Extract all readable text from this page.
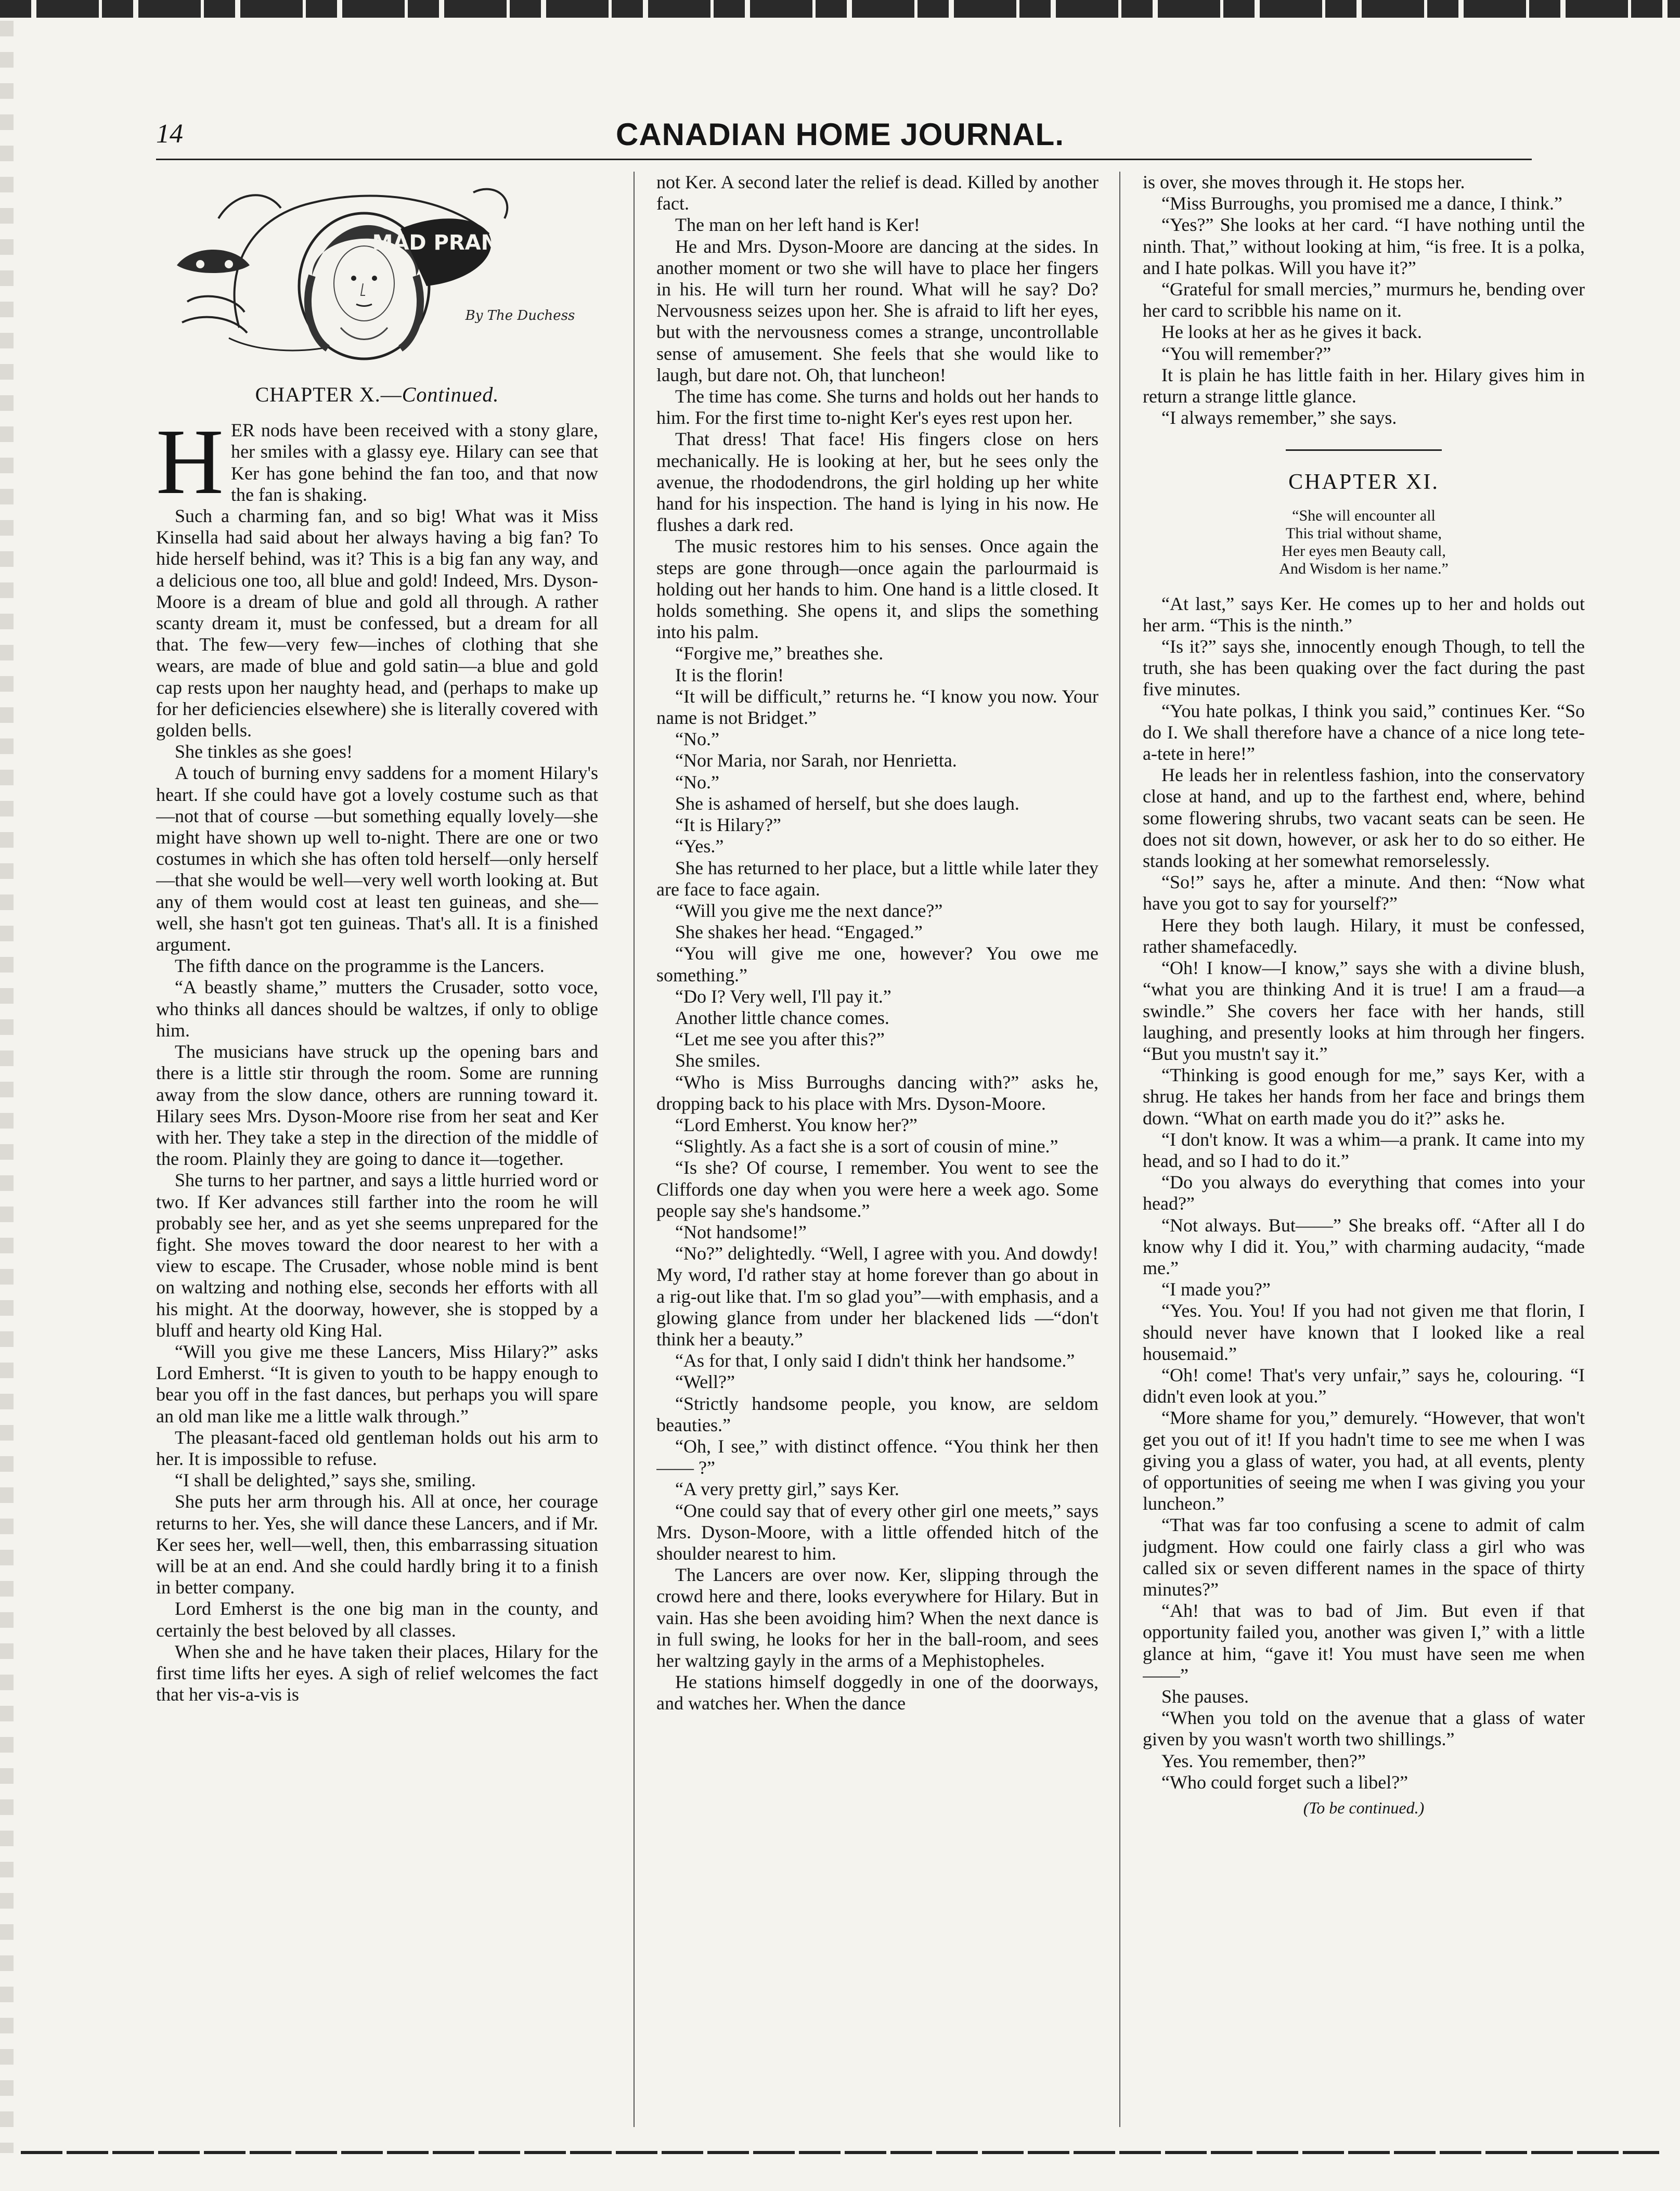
14	CANADIAN HOME JOURNAL.
MAD PRANK.
By The Duchess
CHAPTER X.—Continued.

HER nods have been received with a stony glare, her smiles with a glassy eye. Hilary can see that Ker has gone behind the fan too, and that now the fan is shaking.

Such a charming fan, and so big! What was it Miss Kinsella had said about her always having a big fan? To hide herself behind, was it? This is a big fan any way, and a delicious one too, all blue and gold! Indeed, Mrs. Dyson-Moore is a dream of blue and gold all through. A rather scanty dream it, must be confessed, but a dream for all that. The few—very few—inches of clothing that she wears, are made of blue and gold satin—a blue and gold cap rests upon her naughty head, and (perhaps to make up for her deficiencies elsewhere) she is literally covered with golden bells.

She tinkles as she goes!

A touch of burning envy saddens for a moment Hilary's heart. If she could have got a lovely costume such as that—not that of course —but something equally lovely—she might have shown up well to-night. There are one or two costumes in which she has often told herself—only herself—that she would be well—very well worth looking at. But any of them would cost at least ten guineas, and she—well, she hasn't got ten guineas. That's all. It is a finished argument.

The fifth dance on the programme is the Lancers.

“A beastly shame,” mutters the Crusader, sotto voce, who thinks all dances should be waltzes, if only to oblige him.

The musicians have struck up the opening bars and there is a little stir through the room. Some are running away from the slow dance, others are running toward it. Hilary sees Mrs. Dyson-Moore rise from her seat and Ker with her. They take a step in the direction of the middle of the room. Plainly they are going to dance it—together.

She turns to her partner, and says a little hurried word or two. If Ker advances still farther into the room he will probably see her, and as yet she seems unprepared for the fight. She moves toward the door nearest to her with a view to escape. The Crusader, whose noble mind is bent on waltzing and nothing else, seconds her efforts with all his might. At the doorway, however, she is stopped by a bluff and hearty old King Hal.

“Will you give me these Lancers, Miss Hilary?” asks Lord Emherst. “It is given to youth to be happy enough to bear you off in the fast dances, but perhaps you will spare an old man like me a little walk through.”

The pleasant-faced old gentleman holds out his arm to her. It is impossible to refuse.

“I shall be delighted,” says she, smiling.

She puts her arm through his. All at once, her courage returns to her. Yes, she will dance these Lancers, and if Mr. Ker sees her, well—well, then, this embarrassing situation will be at an end. And she could hardly bring it to a finish in better company.

Lord Emherst is the one big man in the county, and certainly the best beloved by all classes.

When she and he have taken their places, Hilary for the first time lifts her eyes. A sigh of relief welcomes the fact that her vis-a-vis is

not Ker. A second later the relief is dead. Killed by another fact.

The man on her left hand is Ker!

He and Mrs. Dyson-Moore are dancing at the sides. In another moment or two she will have to place her fingers in his. He will turn her round. What will he say? Do? Nervousness seizes upon her. She is afraid to lift her eyes, but with the nervousness comes a strange, uncontrollable sense of amusement. She feels that she would like to laugh, but dare not. Oh, that luncheon!

The time has come. She turns and holds out her hands to him. For the first time to-night Ker's eyes rest upon her.

That dress! That face! His fingers close on hers mechanically. He is looking at her, but he sees only the avenue, the rhododendrons, the girl holding up her white hand for his inspection. The hand is lying in his now. He flushes a dark red.

The music restores him to his senses. Once again the steps are gone through—once again the parlourmaid is holding out her hands to him. One hand is a little closed. It holds something. She opens it, and slips the something into his palm.

“Forgive me,” breathes she.

It is the florin!

“It will be difficult,” returns he. “I know you now. Your name is not Bridget.”

“No.”

“Nor Maria, nor Sarah, nor Henrietta.

“No.”

She is ashamed of herself, but she does laugh.

“It is Hilary?”

“Yes.”

She has returned to her place, but a little while later they are face to face again.

“Will you give me the next dance?”

She shakes her head. “Engaged.”

“You will give me one, however? You owe me something.”

“Do I? Very well, I'll pay it.”

Another little chance comes.

“Let me see you after this?”

She smiles.

“Who is Miss Burroughs dancing with?” asks he, dropping back to his place with Mrs. Dyson-Moore.

“Lord Emherst. You know her?”

“Slightly. As a fact she is a sort of cousin of mine.”

“Is she? Of course, I remember. You went to see the Cliffords one day when you were here a week ago. Some people say she's handsome.”

“Not handsome!”

“No?” delightedly. “Well, I agree with you. And dowdy! My word, I'd rather stay at home forever than go about in a rig-out like that. I'm so glad you”—with emphasis, and a glowing glance from under her blackened lids —“don't think her a beauty.”

“As for that, I only said I didn't think her handsome.”

“Well?”

“Strictly handsome people, you know, are seldom beauties.”

“Oh, I see,” with distinct offence. “You think her then—— ?”

“A very pretty girl,” says Ker.

“One could say that of every other girl one meets,” says Mrs. Dyson-Moore, with a little offended hitch of the shoulder nearest to him.

The Lancers are over now. Ker, slipping through the crowd here and there, looks everywhere for Hilary. But in vain. Has she been avoiding him? When the next dance is in full swing, he looks for her in the ball-room, and sees her waltzing gayly in the arms of a Mephistopheles.

He stations himself doggedly in one of the doorways, and watches her. When the dance

is over, she moves through it. He stops her.

“Miss Burroughs, you promised me a dance, I think.”

“Yes?” She looks at her card. “I have nothing until the ninth. That,” without looking at him, “is free. It is a polka, and I hate polkas. Will you have it?”

“Grateful for small mercies,” murmurs he, bending over her card to scribble his name on it.

He looks at her as he gives it back.

“You will remember?”

It is plain he has little faith in her. Hilary gives him in return a strange little glance.

“I always remember,” she says.

CHAPTER XI.
“She will encounter all
This trial without shame,
Her eyes men Beauty call,
And Wisdom is her name.”

“At last,” says Ker. He comes up to her and holds out her arm. “This is the ninth.”

“Is it?” says she, innocently enough Though, to tell the truth, she has been quaking over the fact during the past five minutes.

“You hate polkas, I think you said,” continues Ker. “So do I. We shall therefore have a chance of a nice long tete-a-tete in here!”

He leads her in relentless fashion, into the conservatory close at hand, and up to the farthest end, where, behind some flowering shrubs, two vacant seats can be seen. He does not sit down, however, or ask her to do so either. He stands looking at her somewhat remorselessly.

“So!” says he, after a minute. And then: “Now what have you got to say for yourself?”

Here they both laugh. Hilary, it must be confessed, rather shamefacedly.

“Oh! I know—I know,” says she with a divine blush, “what you are thinking And it is true! I am a fraud—a swindle.” She covers her face with her hands, still laughing, and presently looks at him through her fingers. “But you mustn't say it.”

“Thinking is good enough for me,” says Ker, with a shrug. He takes her hands from her face and brings them down. “What on earth made you do it?” asks he.

“I don't know. It was a whim—a prank. It came into my head, and so I had to do it.”

“Do you always do everything that comes into your head?”

“Not always. But——” She breaks off. “After all I do know why I did it. You,” with charming audacity, “made me.”

“I made you?”

“Yes. You. You! If you had not given me that florin, I should never have known that I looked like a real housemaid.”

“Oh! come! That's very unfair,” says he, colouring. “I didn't even look at you.”

“More shame for you,” demurely. “However, that won't get you out of it! If you hadn't time to see me when I was giving you a glass of water, you had, at all events, plenty of opportunities of seeing me when I was giving you your luncheon.”

“That was far too confusing a scene to admit of calm judgment. How could one fairly class a girl who was called six or seven different names in the space of thirty minutes?”

“Ah! that was to bad of Jim. But even if that opportunity failed you, another was given I,” with a little glance at him, “gave it! You must have seen me when——”

She pauses.

“When you told on the avenue that a glass of water given by you wasn't worth two shillings.”

Yes. You remember, then?”

“Who could forget such a libel?”

(To be continued.)
